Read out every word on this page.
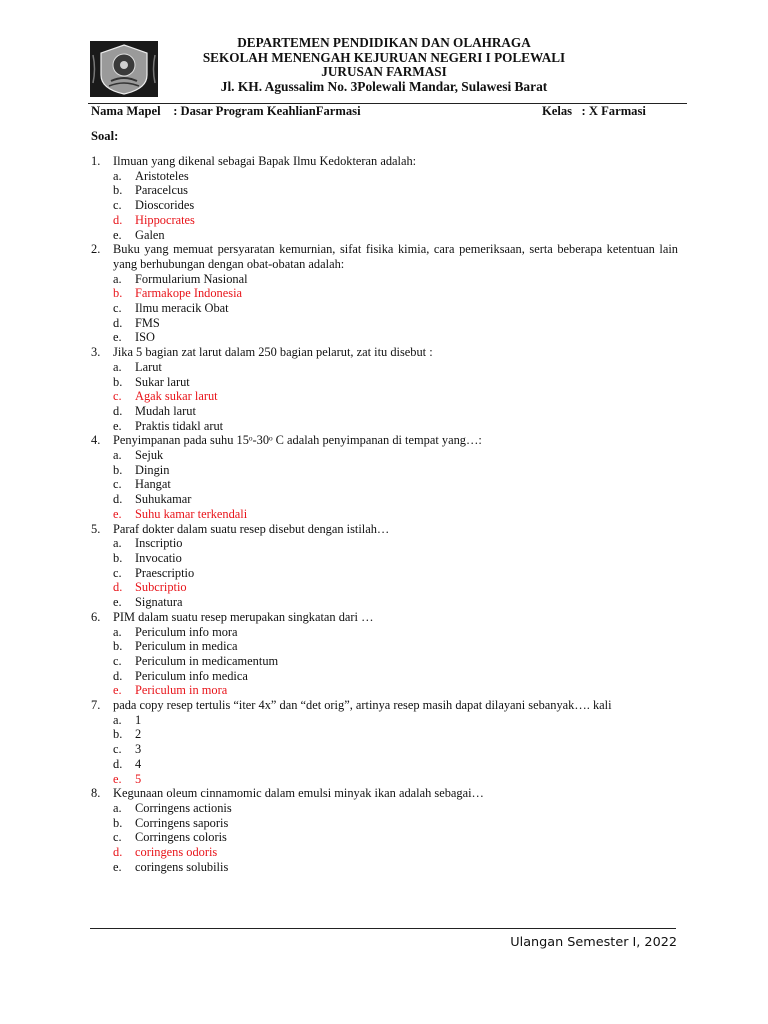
DEPARTEMEN PENDIDIKAN DAN OLAHRAGA
SEKOLAH MENENGAH KEJURUAN NEGERI I POLEWALI
JURUSAN FARMASI
Jl. KH. Agussalim No. 3Polewali Mandar, Sulawesi Barat
Nama Mapel    : Dasar Program KeahlianFarmasi	Kelas   : X Farmasi
Soal:
1. Ilmuan yang dikenal sebagai Bapak Ilmu Kedokteran adalah:
a. Aristoteles
b. Paracelcus
c. Dioscorides
d. Hippocrates
e. Galen
2. Buku yang memuat persyaratan kemurnian, sifat fisika kimia, cara pemeriksaan, serta beberapa ketentuan lain yang berhubungan dengan obat-obatan adalah:
a. Formularium Nasional
b. Farmakope Indonesia
c. Ilmu meracik Obat
d. FMS
e. ISO
3. Jika 5 bagian zat larut dalam 250 bagian pelarut, zat itu disebut :
a. Larut
b. Sukar larut
c. Agak sukar larut
d. Mudah larut
e. Praktis tidakl arut
4. Penyimpanan pada suhu 15ᵒ-30ᵒ C adalah penyimpanan di tempat yang…:
a. Sejuk
b. Dingin
c. Hangat
d. Suhukamar
e. Suhu kamar terkendali
5. Paraf dokter dalam suatu resep disebut dengan istilah…
a. Inscriptio
b. Invocatio
c. Praescriptio
d. Subcriptio
e. Signatura
6. PIM dalam suatu resep merupakan singkatan dari …
a. Periculum info mora
b. Periculum in medica
c. Periculum in medicamentum
d. Periculum info medica
e. Periculum in mora
7. pada copy resep tertulis “iter 4x” dan “det orig”, artinya resep masih dapat dilayani sebanyak…. kali
a. 1
b. 2
c. 3
d. 4
e. 5
8. Kegunaan oleum cinnamomic dalam emulsi minyak ikan adalah sebagai…
a. Corringens actionis
b. Corringens saporis
c. Corringens coloris
d. coringens odoris
e. coringens solubilis
Ulangan Semester I, 2022
